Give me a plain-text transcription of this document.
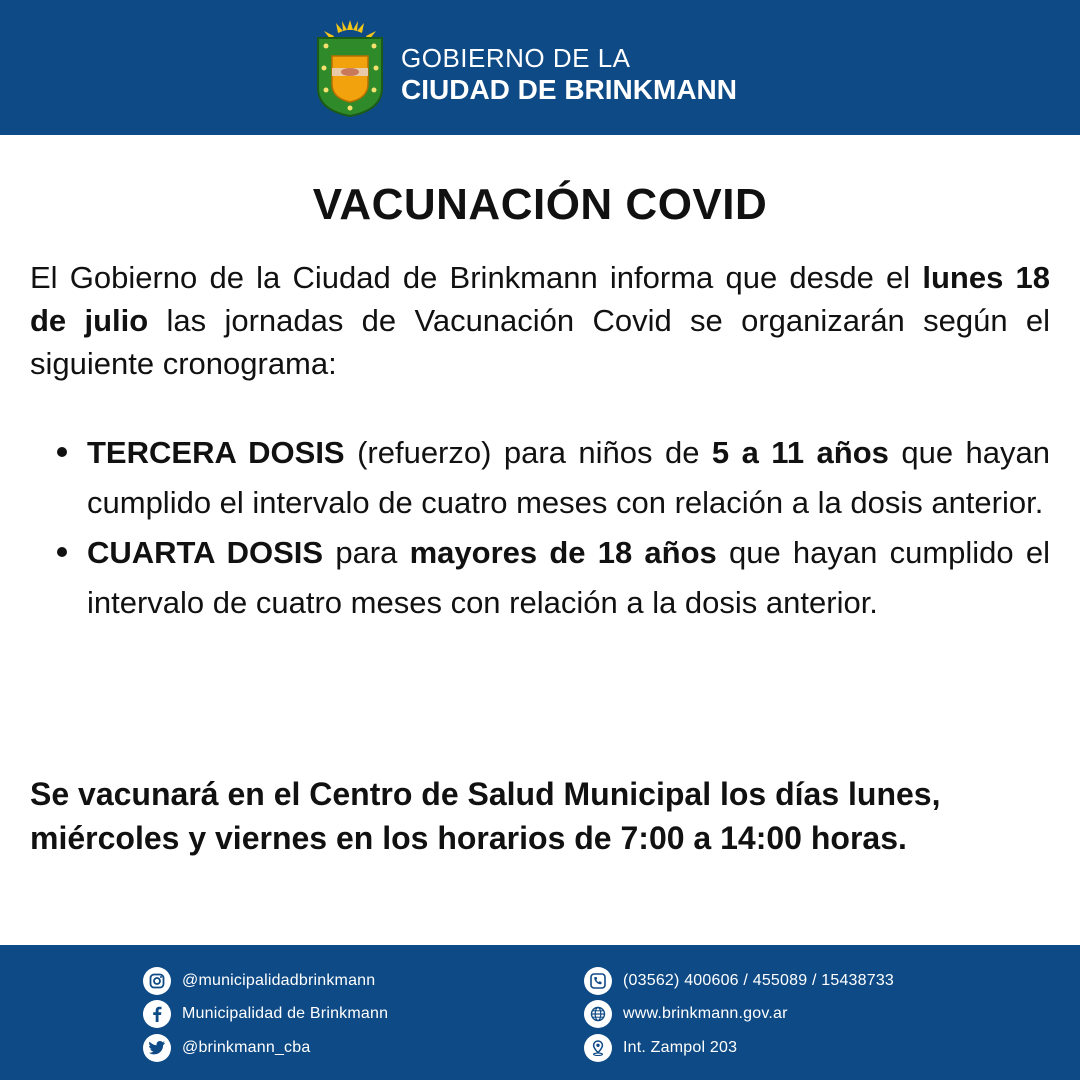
GOBIERNO DE LA
CIUDAD DE BRINKMANN
VACUNACIÓN COVID
El Gobierno de la Ciudad de Brinkmann informa que desde el lunes 18 de julio las jornadas de Vacunación Covid se organizarán según el siguiente cronograma:
TERCERA DOSIS (refuerzo) para niños de 5 a 11 años que hayan cumplido el intervalo de cuatro meses con relación a la dosis anterior.
CUARTA DOSIS para mayores de 18 años que hayan cumplido el intervalo de cuatro meses con relación a la dosis anterior.
Se vacunará en el Centro de Salud Municipal los días lunes, miércoles y viernes en los horarios de 7:00 a 14:00 horas.
@municipalidadbrinkmann
Municipalidad de Brinkmann
@brinkmann_cba
(03562) 400606 / 455089 / 15438733
www.brinkmann.gov.ar
Int. Zampol 203
